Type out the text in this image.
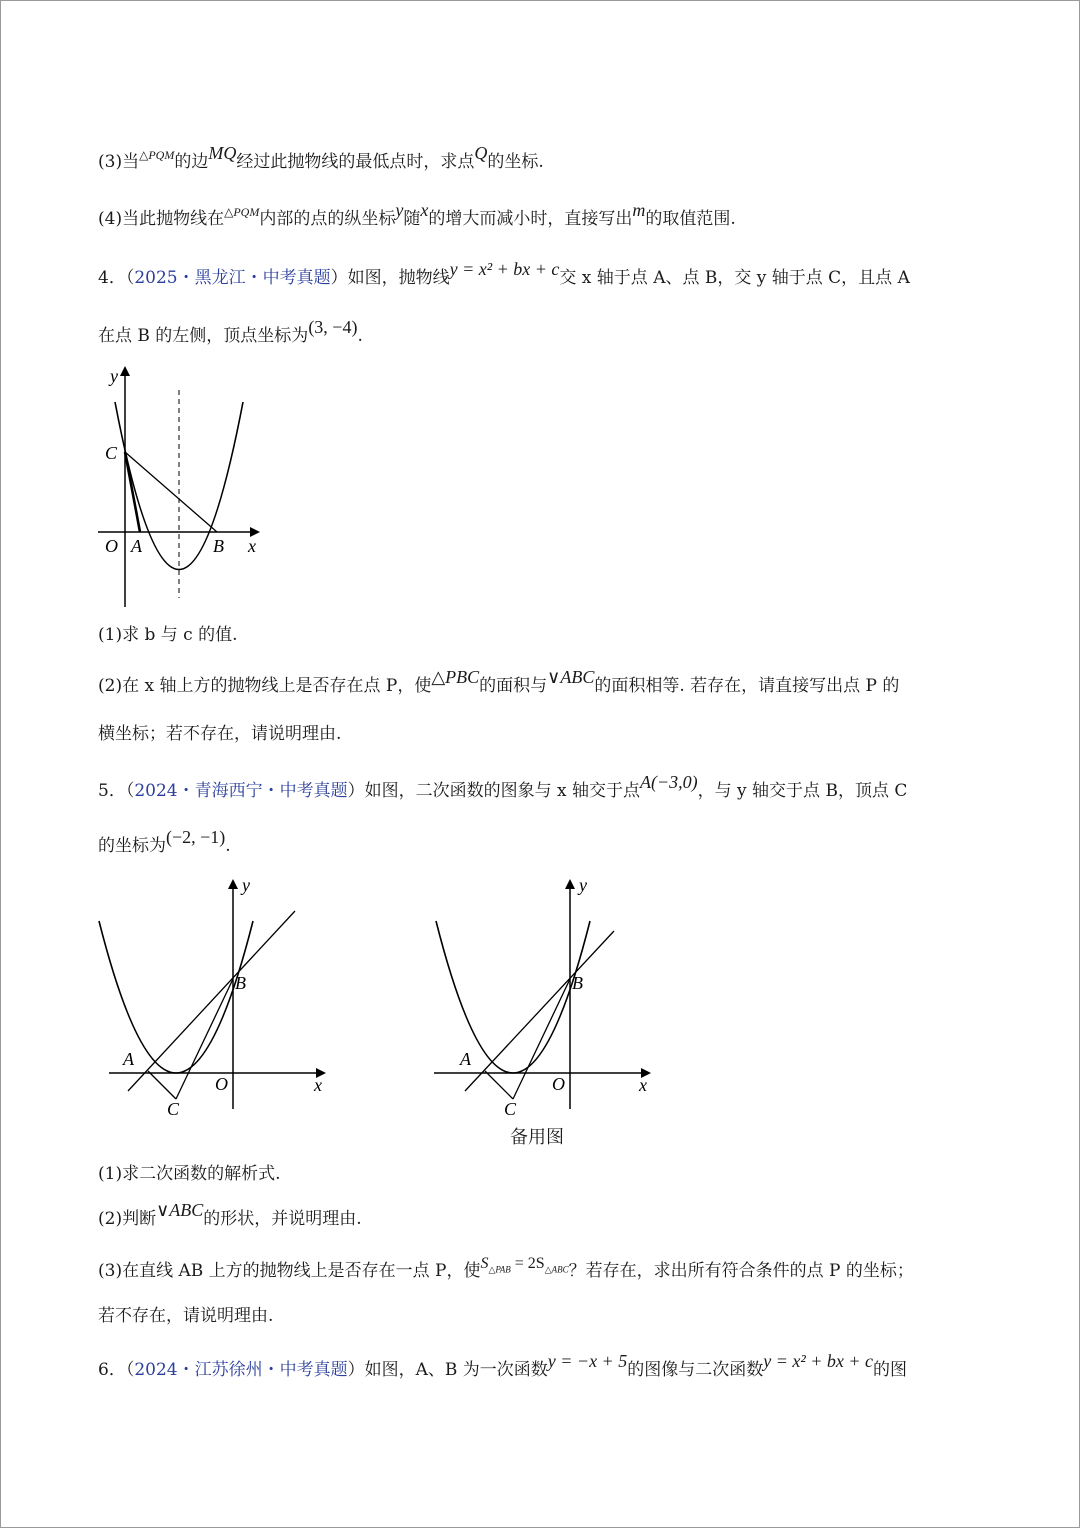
(3)当$^{\triangle PQM}$的边MQ经过此抛物线的最低点时，求点Q的坐标.
(4)当此抛物线在$^{\triangle PQM}$内部的点的纵坐标y随x的增大而减小时，直接写出m的取值范围.
4．（2025・黑龙江・中考真题）如图，抛物线y = x² + bx + c交 x 轴于点 A、点 B，交 y 轴于点 C，且点 A
在点 B 的左侧，顶点坐标为(3, −4).
y
x
C
O A	B
(1)求 b 与 c 的值.
(2)在 x 轴上方的抛物线上是否存在点 P，使△PBC的面积与∨ABC的面积相等. 若存在，请直接写出点 P 的
横坐标；若不存在，请说明理由.
5．（2024・青海西宁・中考真题）如图，二次函数的图象与 x 轴交于点A(−3,0)，与 y 轴交于点 B，顶点 C
的坐标为(−2, −1).
y
x
B
A
O
C
y
x
B
A
O
C
备用图
(1)求二次函数的解析式.
(2)判断∨ABC的形状，并说明理由.
(3)在直线 AB 上方的抛物线上是否存在一点 P，使$S_{\triangle PAB} = 2S_{\triangle ABC}$？若存在，求出所有符合条件的点 P 的坐标；
若不存在，请说明理由.
6．（2024・江苏徐州・中考真题）如图，A、B 为一次函数y = −x + 5的图像与二次函数y = x² + bx + c的图
